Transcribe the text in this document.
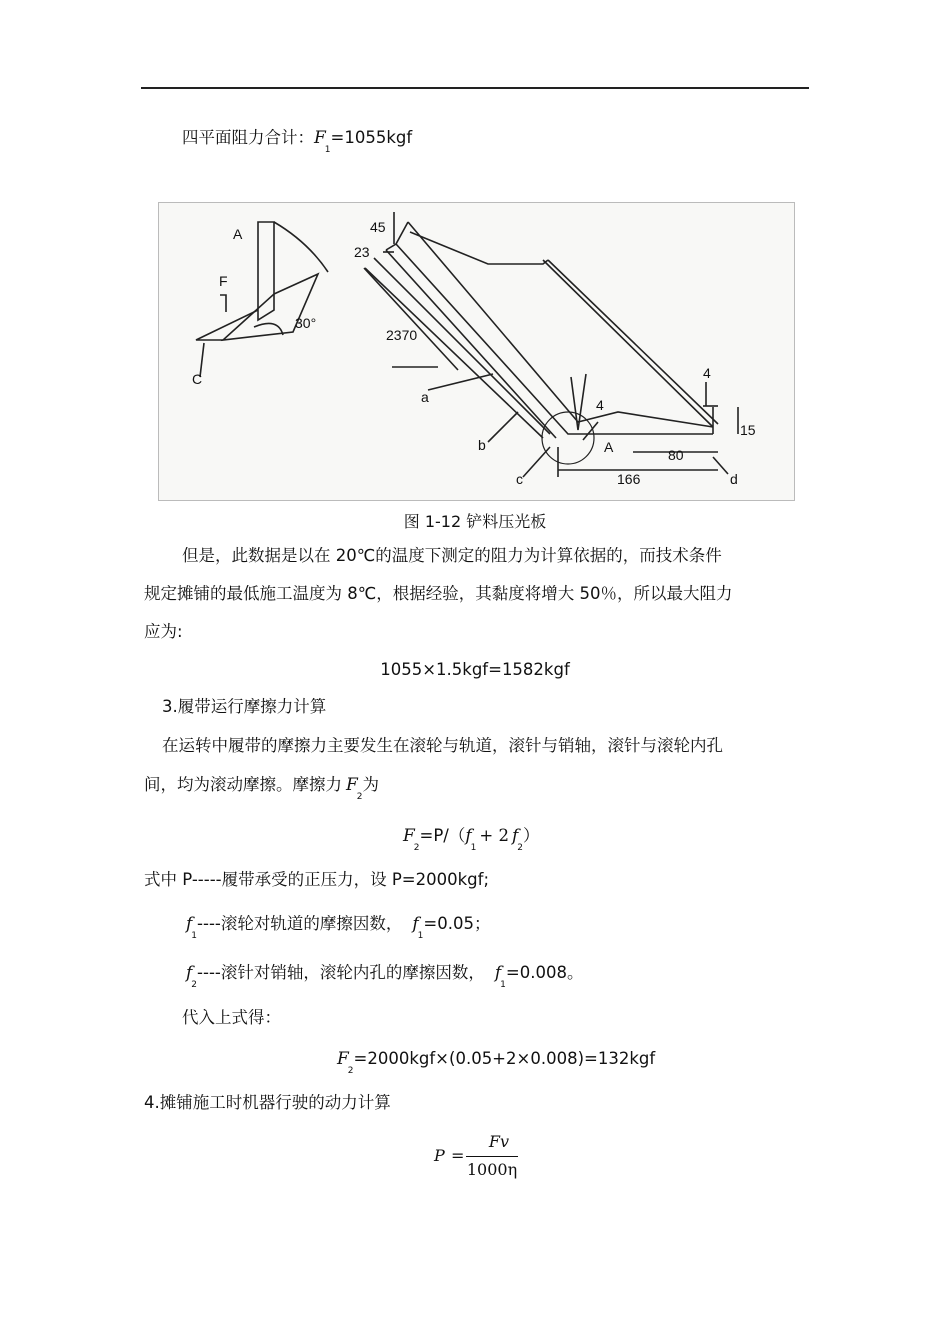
四平面阻力合计：$F_1=1055kgf$
A
F
30°
C
45
23
2370
a
b
c	d
A
4
4
15
80
166
图 1-12 铲料压光板
但是，此数据是以在 20℃的温度下测定的阻力为计算依据的，而技术条件
规定摊铺的最低施工温度为 8℃，根据经验，其黏度将增大 50％，所以最大阻力
应为:
1055×1.5kgf=1582kgf
3.履带运行摩擦力计算
在运转中履带的摩擦力主要发生在滚轮与轨道，滚针与销轴，滚针与滚轮内孔
间，均为滚动摩擦。摩擦力 $F_2$为
$F_2=P/(f_1+ 2$ $f_2$）
式中 P-----履带承受的正压力，设 P=2000kgf;
$f_1----$滚轮对轨道的摩擦因数， $f_1=0.05$；
$f_2----$滚针对销轴，滚轮内孔的摩擦因数， $f_1=0.008$。
代入上式得：
$F_2=2000kgf\times(0.05+2\times 0.008)=132kgf$
4.摊铺施工时机器行驶的动力计算
P =
Fv
1000η
